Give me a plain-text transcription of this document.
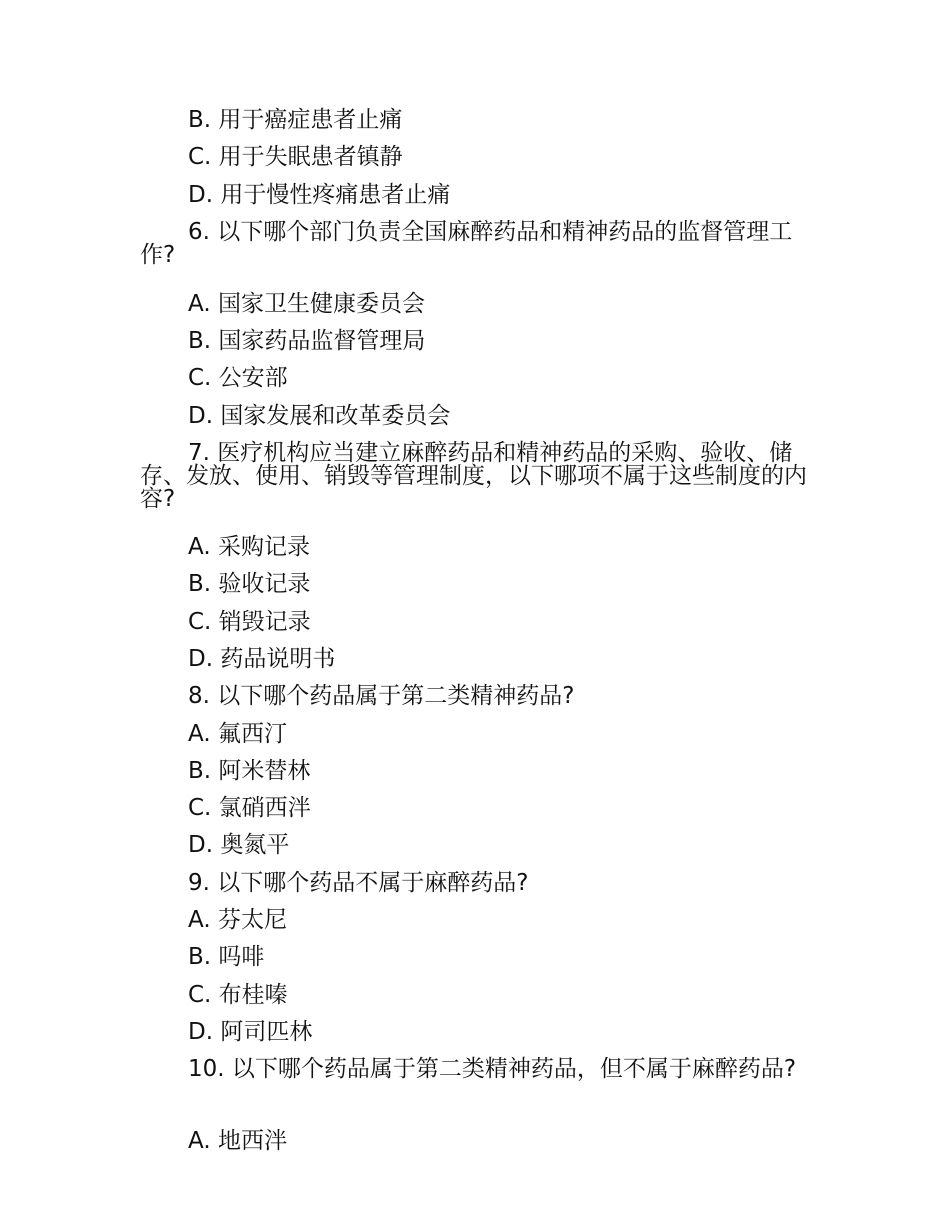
B. 用于癌症患者止痛
C. 用于失眠患者镇静
D. 用于慢性疼痛患者止痛
6. 以下哪个部门负责全国麻醉药品和精神药品的监督管理工作?
A. 国家卫生健康委员会
B. 国家药品监督管理局
C. 公安部
D. 国家发展和改革委员会
7. 医疗机构应当建立麻醉药品和精神药品的采购、验收、储存、发放、使用、销毁等管理制度，以下哪项不属于这些制度的内容?
A. 采购记录
B. 验收记录
C. 销毁记录
D. 药品说明书
8. 以下哪个药品属于第二类精神药品?
A. 氟西汀
B. 阿米替林
C. 氯硝西泮
D. 奥氮平
9. 以下哪个药品不属于麻醉药品?
A. 芬太尼
B. 吗啡
C. 布桂嗪
D. 阿司匹林
10. 以下哪个药品属于第二类精神药品，但不属于麻醉药品?
A. 地西泮
